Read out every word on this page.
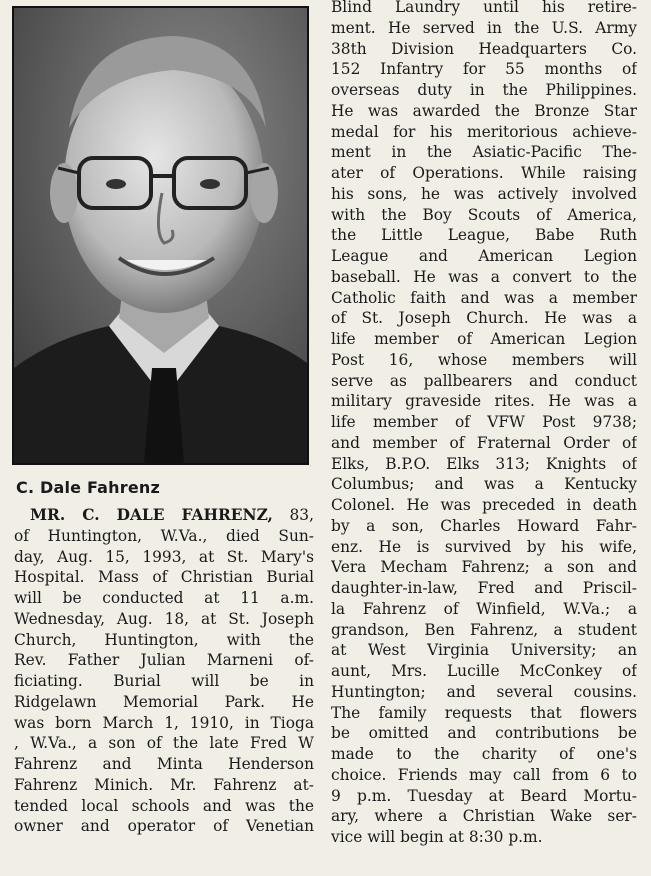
C. Dale Fahrenz
MR. C. DALE FAHRENZ, 83,
of Huntington, W.Va., died Sun-
day, Aug. 15, 1993, at St. Mary's
Hospital. Mass of Christian Burial
will be conducted at 11 a.m.
Wednesday, Aug. 18, at St. Joseph
Church, Huntington, with the
Rev. Father Julian Marneni of-
ficiating. Burial will be in
Ridgelawn Memorial Park. He
was born March 1, 1910, in Tioga
, W.Va., a son of the late Fred W
Fahrenz and Minta Henderson
Fahrenz Minich. Mr. Fahrenz at-
tended local schools and was the
owner and operator of Venetian
Blind Laundry until his retire-
ment. He served in the U.S. Army
38th Division Headquarters Co.
152 Infantry for 55 months of
overseas duty in the Philippines.
He was awarded the Bronze Star
medal for his meritorious achieve-
ment in the Asiatic-Pacific The-
ater of Operations. While raising
his sons, he was actively involved
with the Boy Scouts of America,
the Little League, Babe Ruth
League and American Legion
baseball. He was a convert to the
Catholic faith and was a member
of St. Joseph Church. He was a
life member of American Legion
Post 16, whose members will
serve as pallbearers and conduct
military graveside rites. He was a
life member of VFW Post 9738;
and member of Fraternal Order of
Elks, B.P.O. Elks 313; Knights of
Columbus; and was a Kentucky
Colonel. He was preceded in death
by a son, Charles Howard Fahr-
enz. He is survived by his wife,
Vera Mecham Fahrenz; a son and
daughter-in-law, Fred and Priscil-
la Fahrenz of Winfield, W.Va.; a
grandson, Ben Fahrenz, a student
at West Virginia University; an
aunt, Mrs. Lucille McConkey of
Huntington; and several cousins.
The family requests that flowers
be omitted and contributions be
made to the charity of one's
choice. Friends may call from 6 to
9 p.m. Tuesday at Beard Mortu-
ary, where a Christian Wake ser-
vice will begin at 8:30 p.m.
